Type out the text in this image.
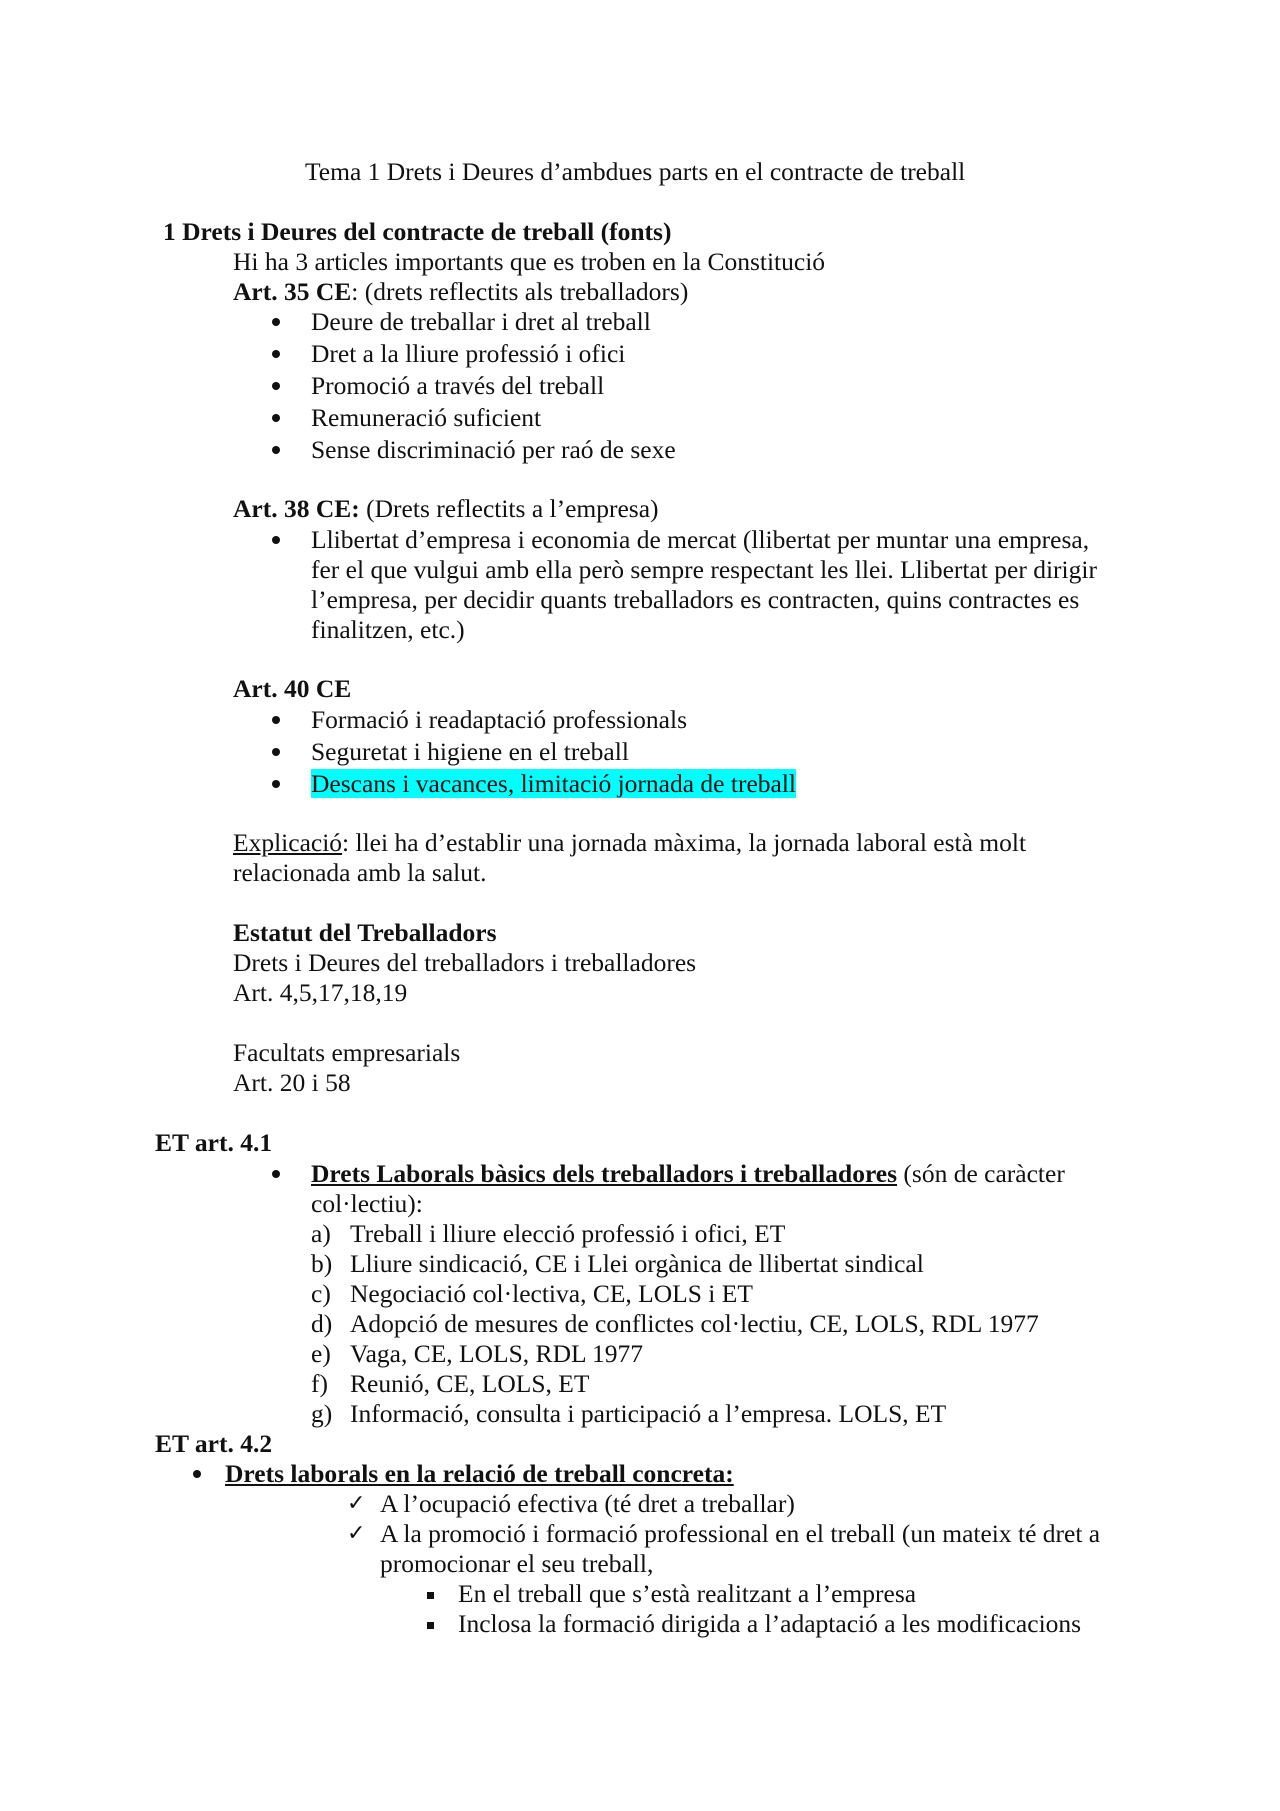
Tema 1 Drets i Deures d’ambdues parts en el contracte de treball
1 Drets i Deures del contracte de treball (fonts)
Hi ha 3 articles importants que es troben en la Constitució
Art. 35 CE: (drets reflectits als treballadors)
Deure de treballar i dret al treball
Dret a la lliure professió i ofici
Promoció a través del treball
Remuneració suficient
Sense discriminació per raó de sexe
Art. 38 CE: (Drets reflectits a l’empresa)
Llibertat d’empresa i economia de mercat (llibertat per muntar una empresa,
fer el que vulgui amb ella però sempre respectant les llei. Llibertat per dirigir
l’empresa, per decidir quants treballadors es contracten, quins contractes es
finalitzen, etc.)
Art. 40 CE
Formació i readaptació professionals
Seguretat i higiene en el treball
Descans i vacances, limitació jornada de treball
Explicació: llei ha d’establir una jornada màxima, la jornada laboral està molt
relacionada amb la salut.
Estatut del Treballadors
Drets i Deures del treballadors i treballadores
Art. 4,5,17,18,19
Facultats empresarials
Art. 20 i 58
ET art. 4.1
Drets Laborals bàsics dels treballadors i treballadores (són de caràcter
col·lectiu):
a) Treball i lliure elecció professió i ofici, ET
b) Lliure sindicació, CE i Llei orgànica de llibertat sindical
c) Negociació col·lectiva, CE, LOLS i ET
d) Adopció de mesures de conflictes col·lectiu, CE, LOLS, RDL 1977
e) Vaga, CE, LOLS, RDL 1977
f) Reunió, CE, LOLS, ET
g) Informació, consulta i participació a l’empresa. LOLS, ET
ET art. 4.2
Drets laborals en la relació de treball concreta:
✓ A l’ocupació efectiva (té dret a treballar)
✓ A la promoció i formació professional en el treball (un mateix té dret a
promocionar el seu treball,
En el treball que s’està realitzant a l’empresa
Inclosa la formació dirigida a l’adaptació a les modificacions
